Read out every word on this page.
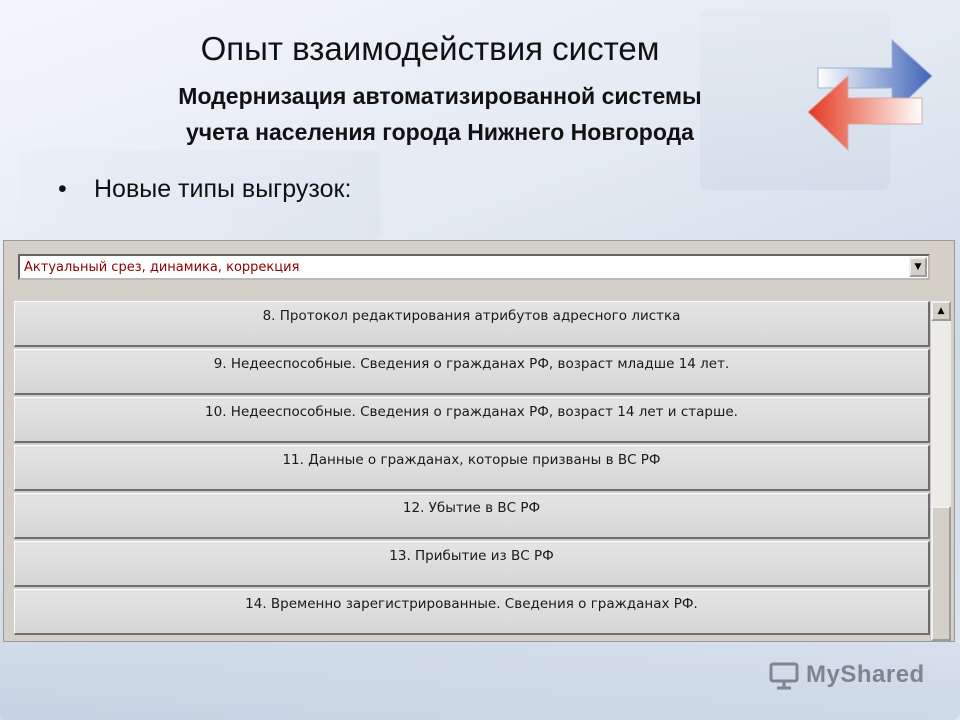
Опыт взаимодействия систем
Модернизация автоматизированной системы
учета населения города Нижнего Новгорода
• Новые типы выгрузок:
Актуальный срез, динамика, коррекция	▼
8. Протокол редактирования атрибутов адресного листка
9. Недееспособные. Сведения о гражданах РФ, возраст младше 14 лет.
10. Недееспособные. Сведения о гражданах РФ, возраст 14 лет и старше.
11. Данные о гражданах, которые призваны в ВС РФ
12. Убытие в ВС РФ
13. Прибытие из ВС РФ
14. Временно зарегистрированные. Сведения о гражданах РФ.
▲
MyShared
